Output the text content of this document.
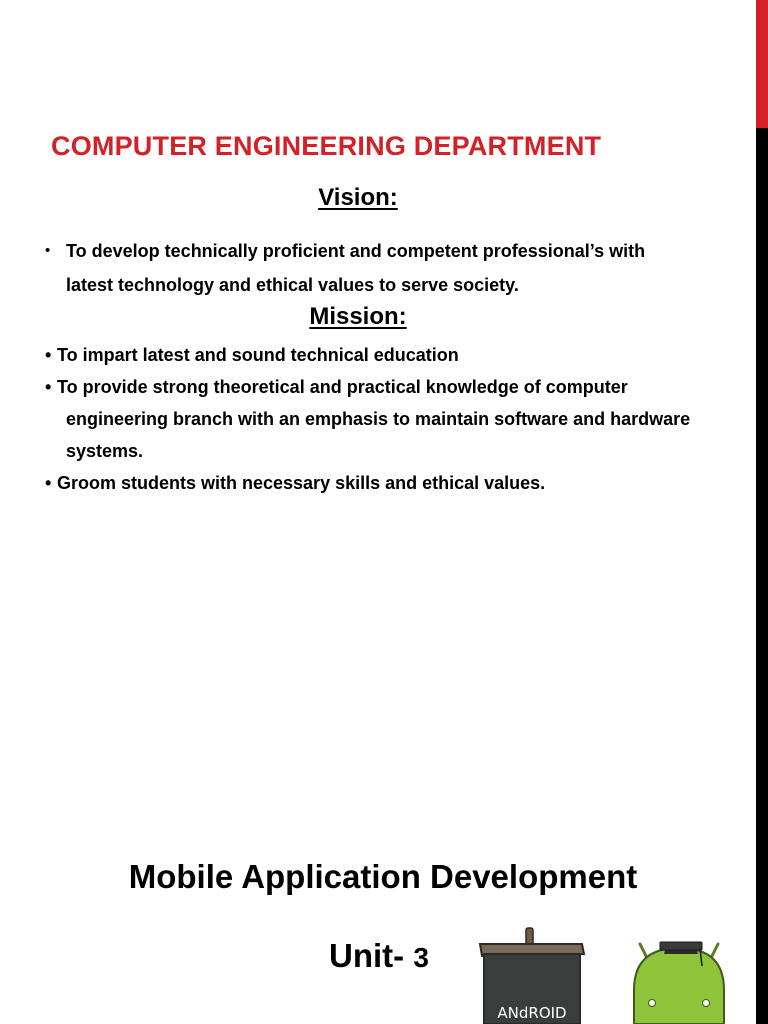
COMPUTER ENGINEERING DEPARTMENT
Vision:
• To develop technically proficient and competent professional’s with latest technology and ethical values to serve society.
Mission:
• To impart latest and sound technical education
• To provide strong theoretical and practical knowledge of computer engineering branch with an emphasis to maintain software and hardware systems.
• Groom students with necessary skills and ethical values.
Mobile Application Development
Unit- 3
ANdROID
